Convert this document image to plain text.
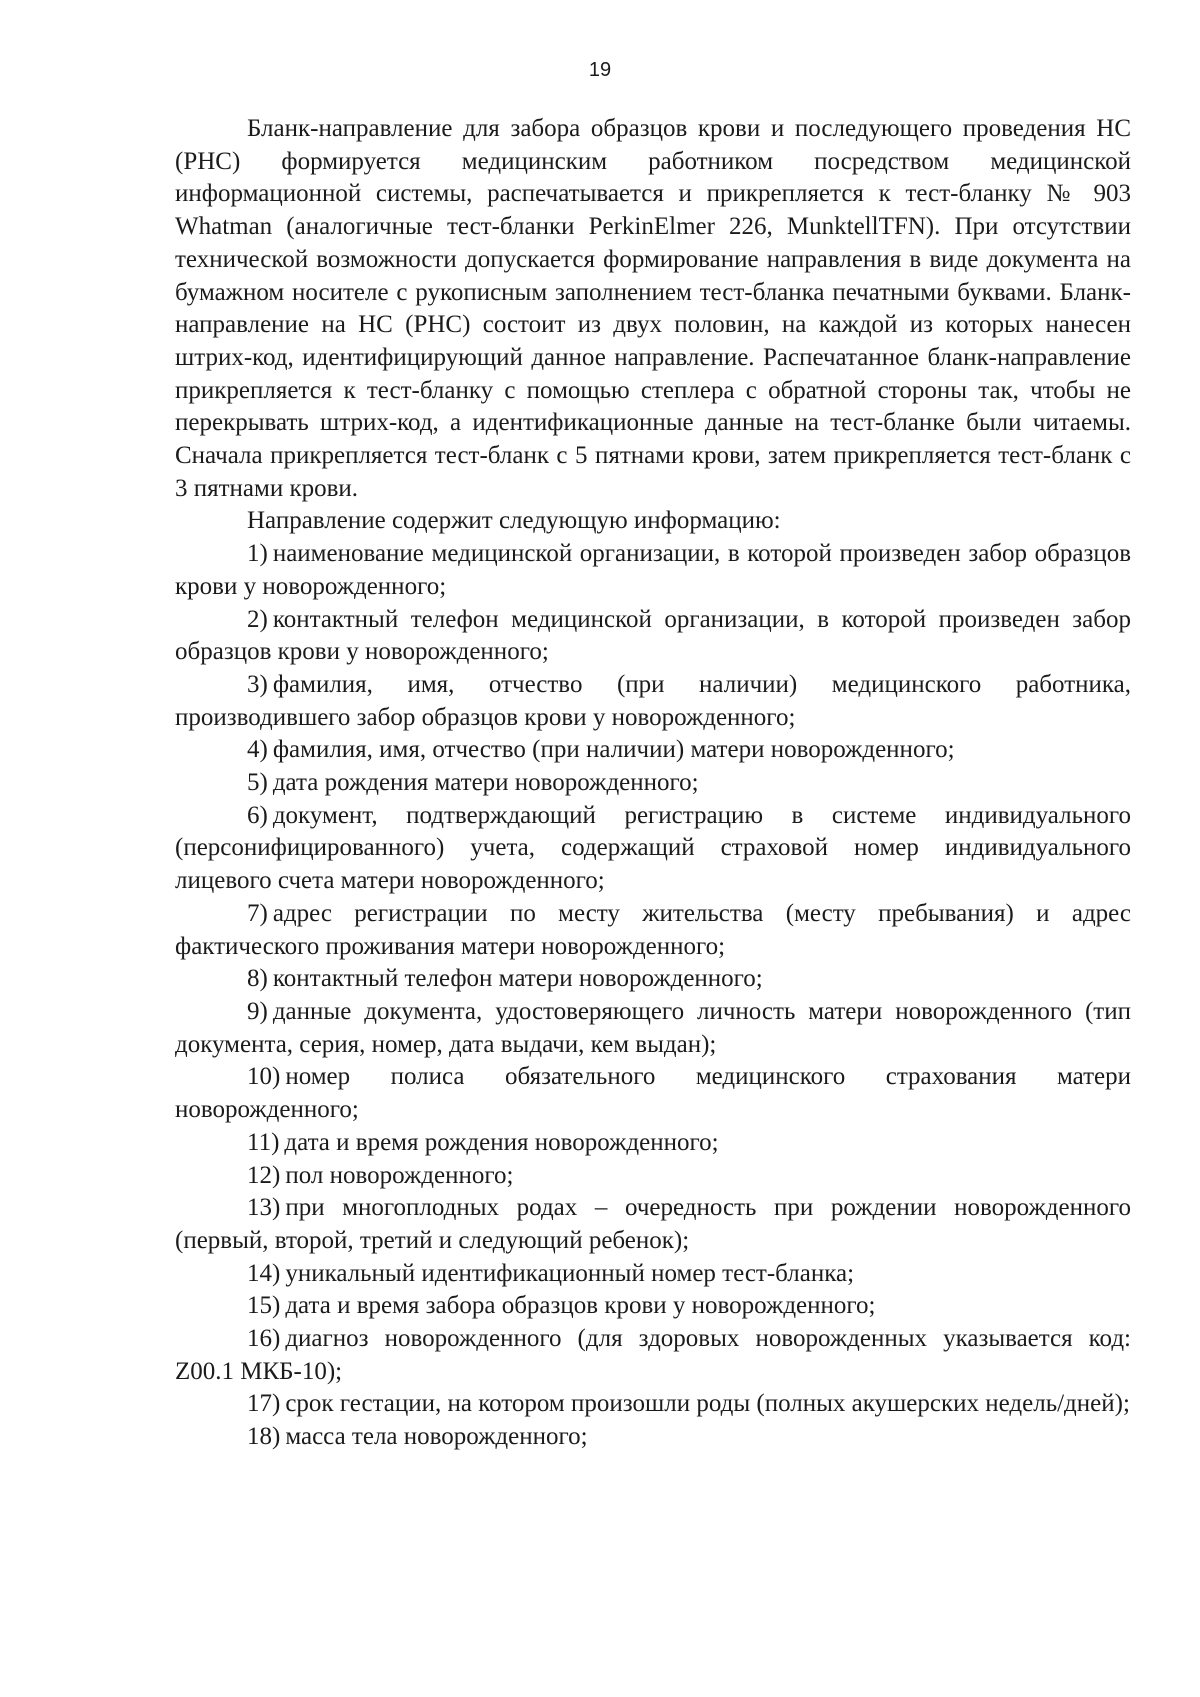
19

Бланк-направление для забора образцов крови и последующего проведения НС (РНС) формируется медицинским работником посредством медицинской информационной системы, распечатывается и прикрепляется к тест-бланку № 903 Whatman (аналогичные тест-бланки PerkinElmer 226, MunktellTFN). При отсутствии технической возможности допускается формирование направления в виде документа на бумажном носителе с рукописным заполнением тест-бланка печатными буквами. Бланк-направление на НС (РНС) состоит из двух половин, на каждой из которых нанесен штрих-код, идентифицирующий данное направление. Распечатанное бланк-направление прикрепляется к тест-бланку с помощью степлера с обратной стороны так, чтобы не перекрывать штрих-код, а идентификационные данные на тест-бланке были читаемы. Сначала прикрепляется тест-бланк с 5 пятнами крови, затем прикрепляется тест-бланк с 3 пятнами крови.

Направление содержит следующую информацию:

1) наименование медицинской организации, в которой произведен забор образцов крови у новорожденного;

2) контактный телефон медицинской организации, в которой произведен забор образцов крови у новорожденного;

3) фамилия, имя, отчество (при наличии) медицинского работника, производившего забор образцов крови у новорожденного;

4) фамилия, имя, отчество (при наличии) матери новорожденного;

5) дата рождения матери новорожденного;

6) документ, подтверждающий регистрацию в системе индивидуального (персонифицированного) учета, содержащий страховой номер индивидуального лицевого счета матери новорожденного;

7) адрес регистрации по месту жительства (месту пребывания) и адрес фактического проживания матери новорожденного;

8) контактный телефон матери новорожденного;

9) данные документа, удостоверяющего личность матери новорожденного (тип документа, серия, номер, дата выдачи, кем выдан);

10) номер полиса обязательного медицинского страхования матери новорожденного;

11) дата и время рождения новорожденного;

12) пол новорожденного;

13) при многоплодных родах – очередность при рождении новорожденного (первый, второй, третий и следующий ребенок);

14) уникальный идентификационный номер тест-бланка;

15) дата и время забора образцов крови у новорожденного;

16) диагноз новорожденного (для здоровых новорожденных указывается код: Z00.1 МКБ-10);

17) срок гестации, на котором произошли роды (полных акушерских недель/дней);

18) масса тела новорожденного;
